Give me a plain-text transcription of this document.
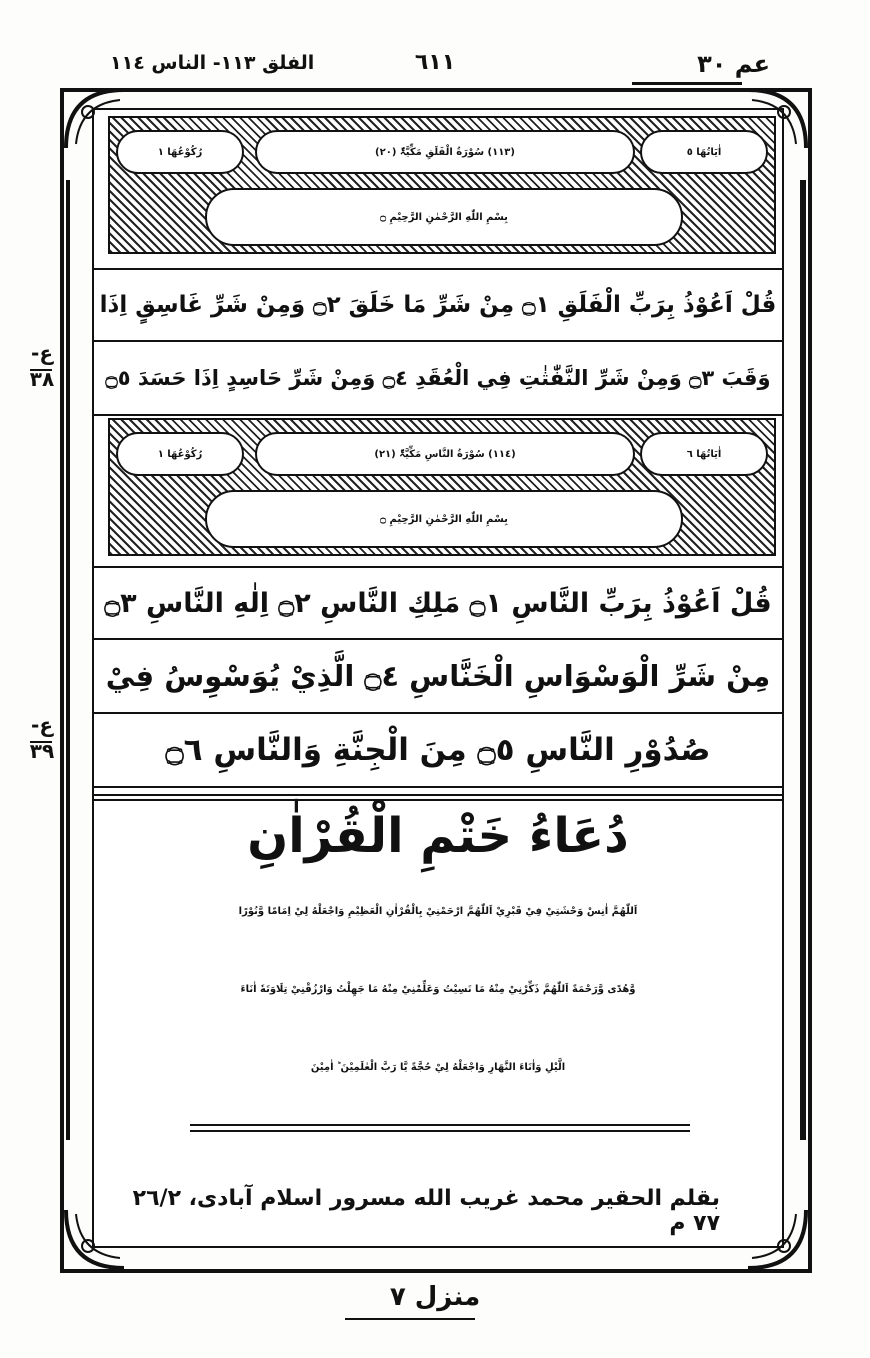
عم ٣٠
٦١١
الفلق ١١٣- الناس ١١٤
رُكُوْعُهَا ١	(١١٣) سُوْرَةُ الْفَلَقِ مَكِّيَّۃٌ (٢٠)	اٰيَاتُهَا ٥
بِسْمِ اللّٰهِ الرَّحْمٰنِ الرَّحِيْمِ ۝
قُلْ اَعُوْذُ بِرَبِّ الْفَلَقِ ۝١ مِنْ شَرِّ مَا خَلَقَ ۝٢ وَمِنْ شَرِّ غَاسِقٍ اِذَا
وَقَبَ ۝٣ وَمِنْ شَرِّ النَّفّٰثٰتِ فِي الْعُقَدِ ۝٤ وَمِنْ شَرِّ حَاسِدٍ اِذَا حَسَدَ ۝٥
رُكُوْعُهَا ١	(١١٤) سُوْرَةُ النَّاسِ مَكِّيَّۃٌ (٢١)	اٰيَاتُهَا ٦
بِسْمِ اللّٰهِ الرَّحْمٰنِ الرَّحِيْمِ ۝
قُلْ اَعُوْذُ بِرَبِّ النَّاسِ ۝١ مَلِكِ النَّاسِ ۝٢ اِلٰهِ النَّاسِ ۝٣
مِنْ شَرِّ الْوَسْوَاسِ الْخَنَّاسِ ۝٤ الَّذِيْ يُوَسْوِسُ فِيْ
صُدُوْرِ النَّاسِ ۝٥ مِنَ الْجِنَّةِ وَالنَّاسِ ۝٦
ع-
٣٨
ع-
٣٩
دُعَاءُ خَتْمِ الْقُرْاٰنِ
اَللّٰهُمَّ اٰنِسْ وَحْشَتِيْ فِيْ قَبْرِيْ اَللّٰهُمَّ ارْحَمْنِيْ بِالْقُرْاٰنِ الْعَظِيْمِ وَاجْعَلْهُ لِيْ اِمَامًا وَّنُوْرًا
وَّهُدًى وَّرَحْمَةً اَللّٰهُمَّ ذَكِّرْنِيْ مِنْهُ مَا نَسِيْتُ وَعَلِّمْنِيْ مِنْهُ مَا جَهِلْتُ وَارْزُقْنِيْ تِلَاوَتَهٗ اٰنَاءَ
الَّيْلِ وَاٰنَاءَ النَّهَارِ وَاجْعَلْهُ لِيْ حُجَّةً يَّا رَبَّ الْعٰلَمِيْنَ ؕ اٰمِيْنَ
بقلم الحقير محمد غريب الله مسرور اسلام آبادی، ٢٦/٢ ٧٧ م
منزل ٧
